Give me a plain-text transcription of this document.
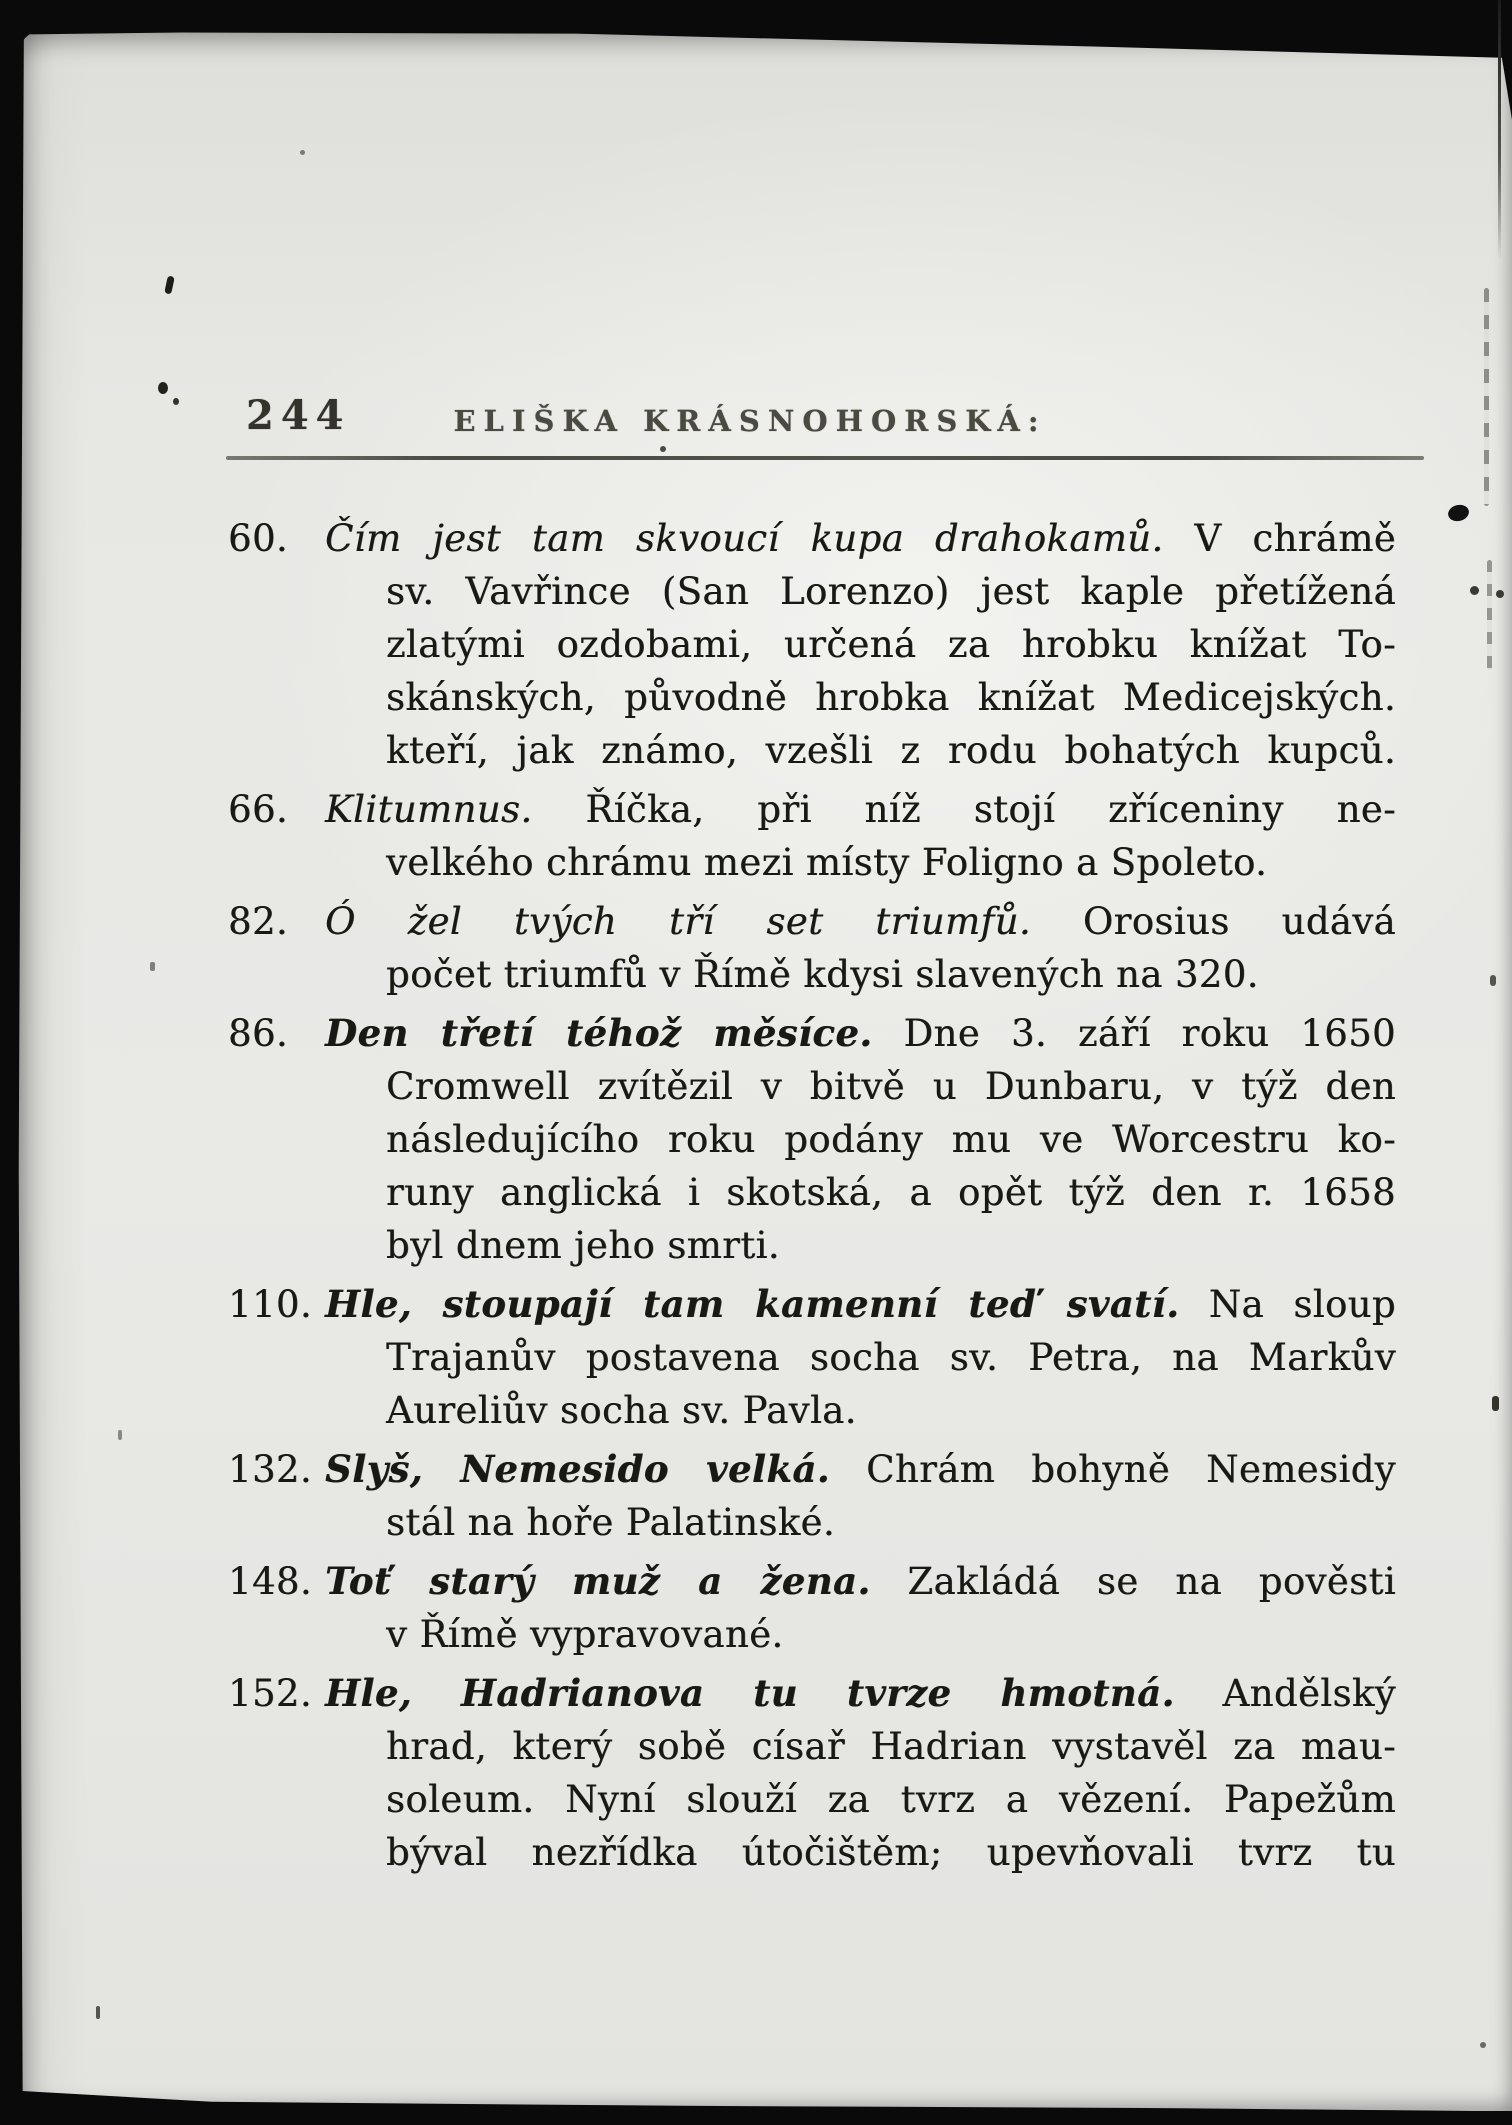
244	ELIŠKA KRÁSNOHORSKÁ:
60. Čím jest tam skvoucí kupa drahokamů. V chrámě
sv. Vavřince (San Lorenzo) jest kaple přetížená
zlatými ozdobami, určená za hrobku knížat To-
skánských, původně hrobka knížat Medicejských.
kteří, jak známo, vzešli z rodu bohatých kupců.
66. Klitumnus. Říčka, při níž stojí zříceniny ne-
velkého chrámu mezi místy Foligno a Spoleto.
82. Ó žel tvých tří set triumfů. Orosius udává
počet triumfů v Římě kdysi slavených na 320.
86. Den třetí téhož měsíce. Dne 3. září roku 1650
Cromwell zvítězil v bitvě u Dunbaru, v týž den
následujícího roku podány mu ve Worcestru ko-
runy anglická i skotská, a opět týž den r. 1658
byl dnem jeho smrti.
110. Hle, stoupají tam kamenní teď svatí. Na sloup
Trajanův postavena socha sv. Petra, na Markův
Aureliův socha sv. Pavla.
132. Slyš, Nemesido velká. Chrám bohyně Nemesidy
stál na hoře Palatinské.
148. Toť starý muž a žena. Zakládá se na pověsti
v Římě vypravované.
152. Hle, Hadrianova tu tvrze hmotná. Andělský
hrad, který sobě císař Hadrian vystavěl za mau-
soleum. Nyní slouží za tvrz a vězení. Papežům
býval nezřídka útočištěm; upevňovali tvrz tu
